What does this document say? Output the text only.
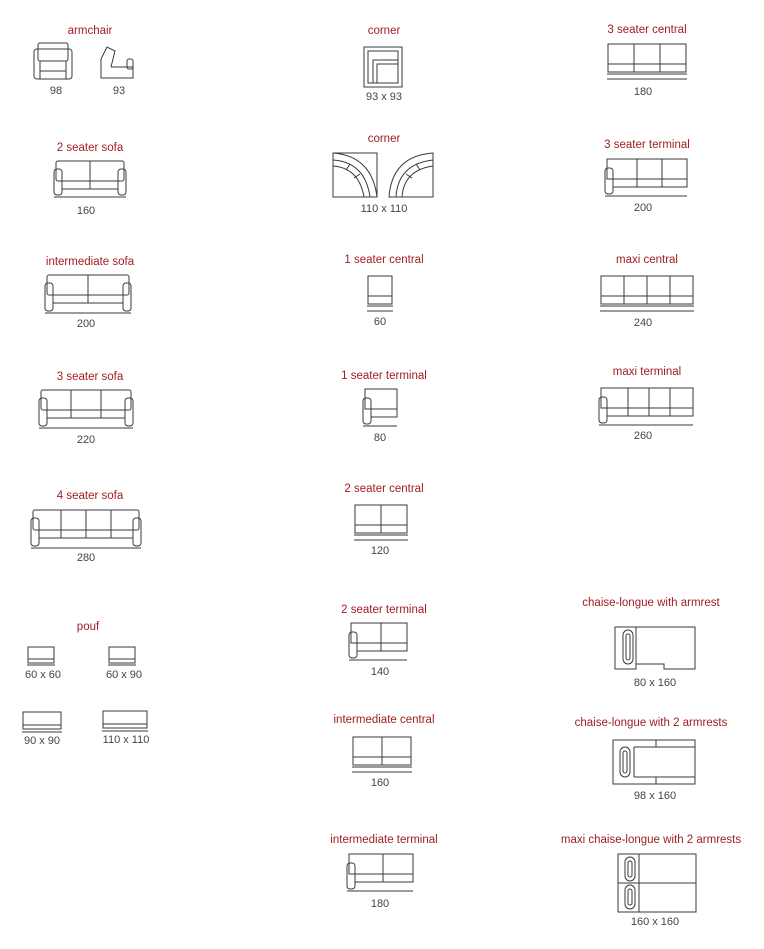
armchair
98	93
2 seater sofa
160
intermediate sofa
200
3 seater sofa
220
4 seater sofa
280
pouf
60 x 60	60 x 90
90 x 90	110 x 110
corner
93 x 93
corner
110 x 110
1 seater central
60
1 seater terminal
80
2 seater central
120
2 seater terminal
140
intermediate central
160
intermediate terminal
180
3 seater central
180
3 seater terminal
200
maxi central
240
maxi terminal
260
chaise-longue with armrest
80 x 160
chaise-longue with 2 armrests
98 x 160
maxi chaise-longue with 2 armrests
160 x 160
